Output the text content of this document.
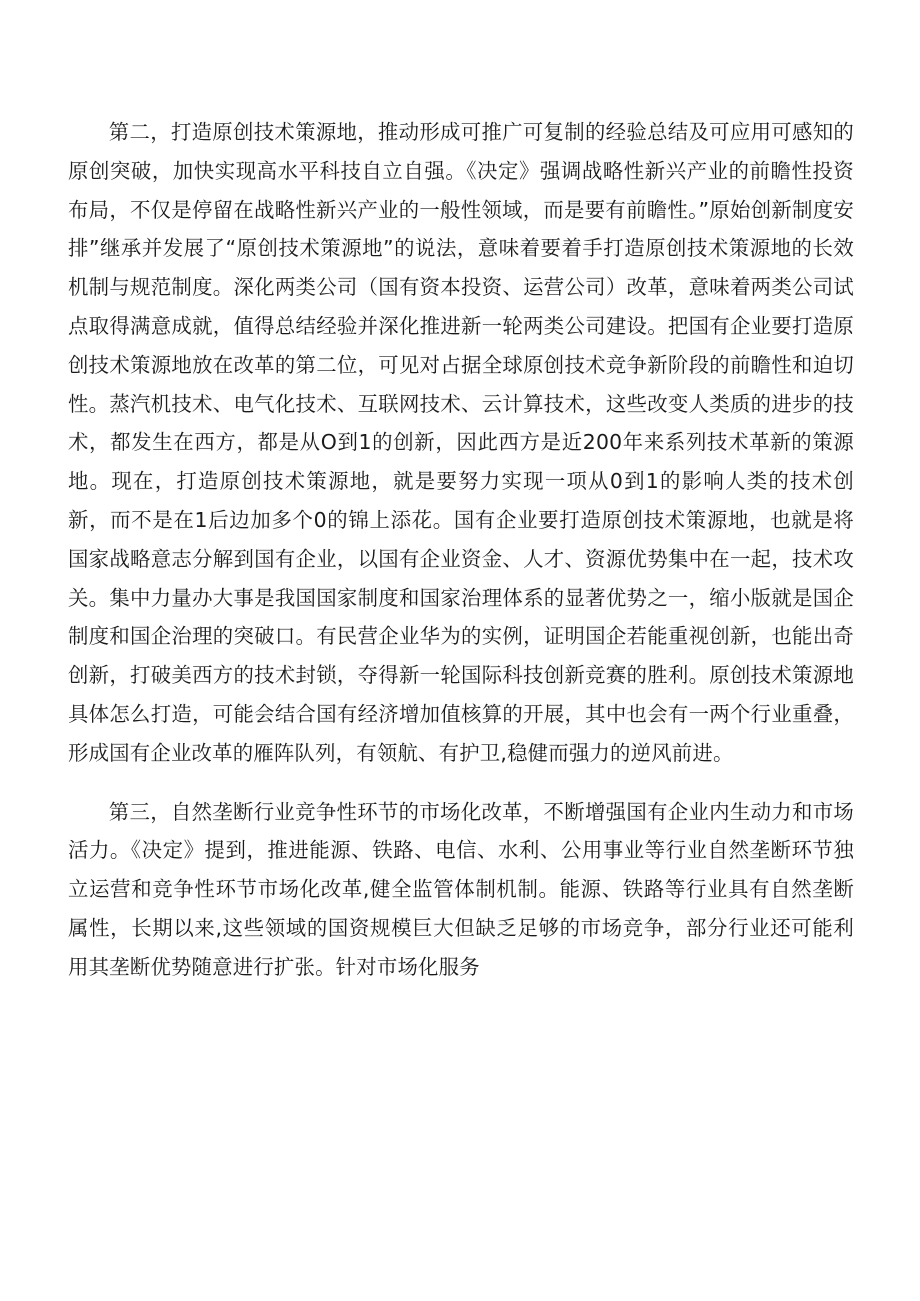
第二，打造原创技术策源地，推动形成可推广可复制的经验总结及可应用可感知的原创突破，加快实现高水平科技自立自强。《决定》强调战略性新兴产业的前瞻性投资布局，不仅是停留在战略性新兴产业的一般性领域，而是要有前瞻性。”原始创新制度安排”继承并发展了“原创技术策源地”的说法，意味着要着手打造原创技术策源地的长效机制与规范制度。深化两类公司（国有资本投资、运营公司）改革，意味着两类公司试点取得满意成就，值得总结经验并深化推进新一轮两类公司建设。把国有企业要打造原创技术策源地放在改革的第二位，可见对占据全球原创技术竞争新阶段的前瞻性和迫切性。蒸汽机技术、电气化技术、互联网技术、云计算技术，这些改变人类质的进步的技术，都发生在西方，都是从O到1的创新，因此西方是近200年来系列技术革新的策源地。现在，打造原创技术策源地，就是要努力实现一项从0到1的影响人类的技术创新，而不是在1后边加多个0的锦上添花。国有企业要打造原创技术策源地，也就是将国家战略意志分解到国有企业，以国有企业资金、人才、资源优势集中在一起，技术攻关。集中力量办大事是我国国家制度和国家治理体系的显著优势之一，缩小版就是国企制度和国企治理的突破口。有民营企业华为的实例，证明国企若能重视创新，也能出奇创新，打破美西方的技术封锁，夺得新一轮国际科技创新竞赛的胜利。原创技术策源地具体怎么打造，可能会结合国有经济增加值核算的开展，其中也会有一两个行业重叠，形成国有企业改革的雁阵队列，有领航、有护卫,稳健而强力的逆风前进。

第三，自然垄断行业竞争性环节的市场化改革，不断增强国有企业内生动力和市场活力。《决定》提到，推进能源、铁路、电信、水利、公用事业等行业自然垄断环节独立运营和竞争性环节市场化改革,健全监管体制机制。能源、铁路等行业具有自然垄断属性，长期以来,这些领域的国资规模巨大但缺乏足够的市场竞争，部分行业还可能利用其垄断优势随意进行扩张。针对市场化服务
